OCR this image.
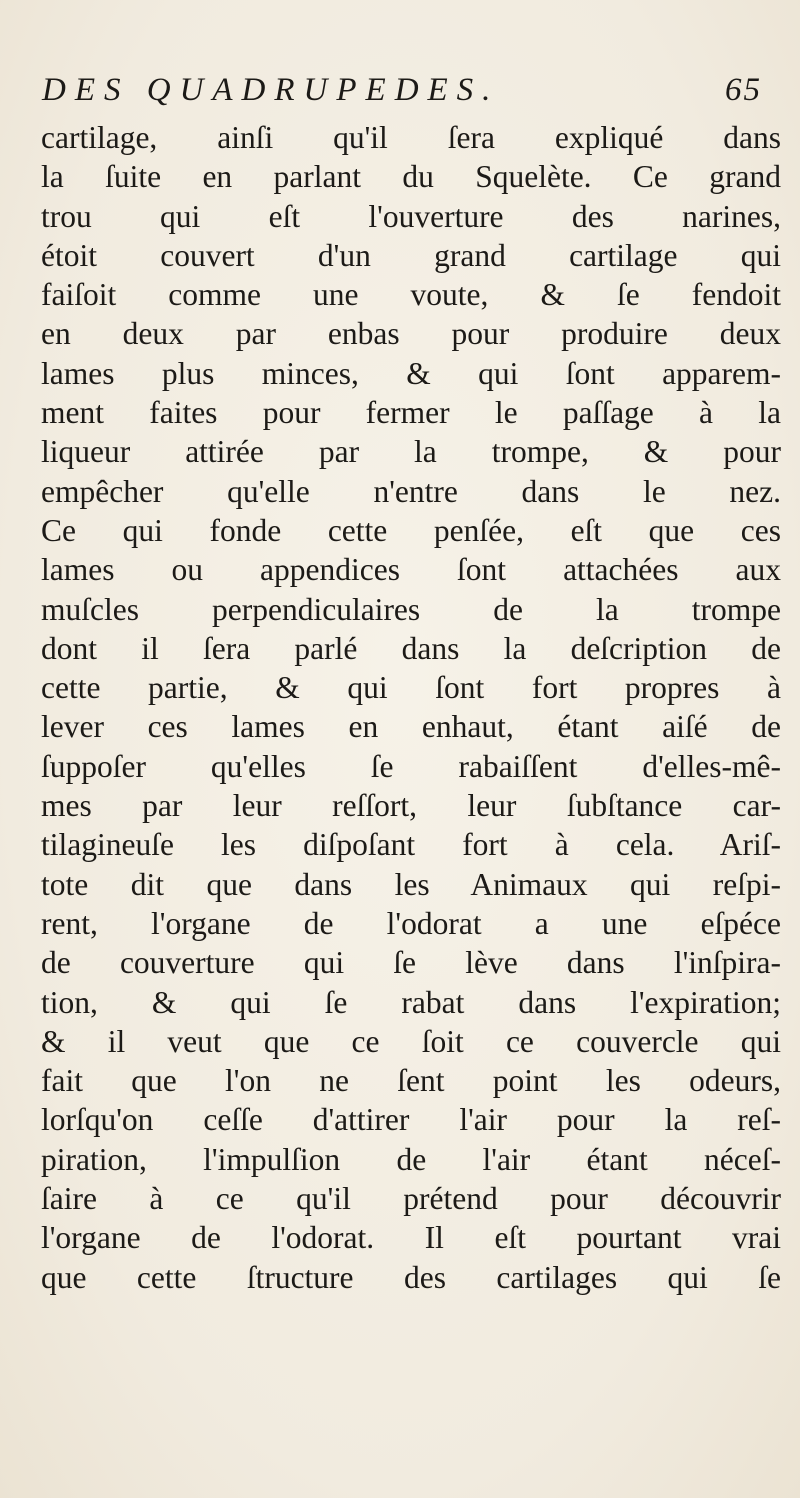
DES QUADRUPEDES.	65
cartilage, ainſi qu'il ſera expliqué dans
la ſuite en parlant du Squelète. Ce grand
trou qui eſt l'ouverture des narines,
étoit couvert d'un grand cartilage qui
faiſoit comme une voute, & ſe fendoit
en deux par enbas pour produire deux
lames plus minces, & qui ſont apparem-
ment faites pour fermer le paſſage à la
liqueur attirée par la trompe, & pour
empêcher qu'elle n'entre dans le nez.
Ce qui fonde cette penſée, eſt que ces
lames ou appendices ſont attachées aux
muſcles perpendiculaires de la trompe
dont il ſera parlé dans la deſcription de
cette partie, & qui ſont fort propres à
lever ces lames en enhaut, étant aiſé de
ſuppoſer qu'elles ſe rabaiſſent d'elles-mê-
mes par leur reſſort, leur ſubſtance car-
tilagineuſe les diſpoſant fort à cela. Ariſ-
tote dit que dans les Animaux qui reſpi-
rent, l'organe de l'odorat a une eſpéce
de couverture qui ſe lève dans l'inſpira-
tion, & qui ſe rabat dans l'expiration;
& il veut que ce ſoit ce couvercle qui
fait que l'on ne ſent point les odeurs,
lorſqu'on ceſſe d'attirer l'air pour la reſ-
piration, l'impulſion de l'air étant néceſ-
ſaire à ce qu'il prétend pour découvrir
l'organe de l'odorat. Il eſt pourtant vrai
que cette ſtructure des cartilages qui ſe
